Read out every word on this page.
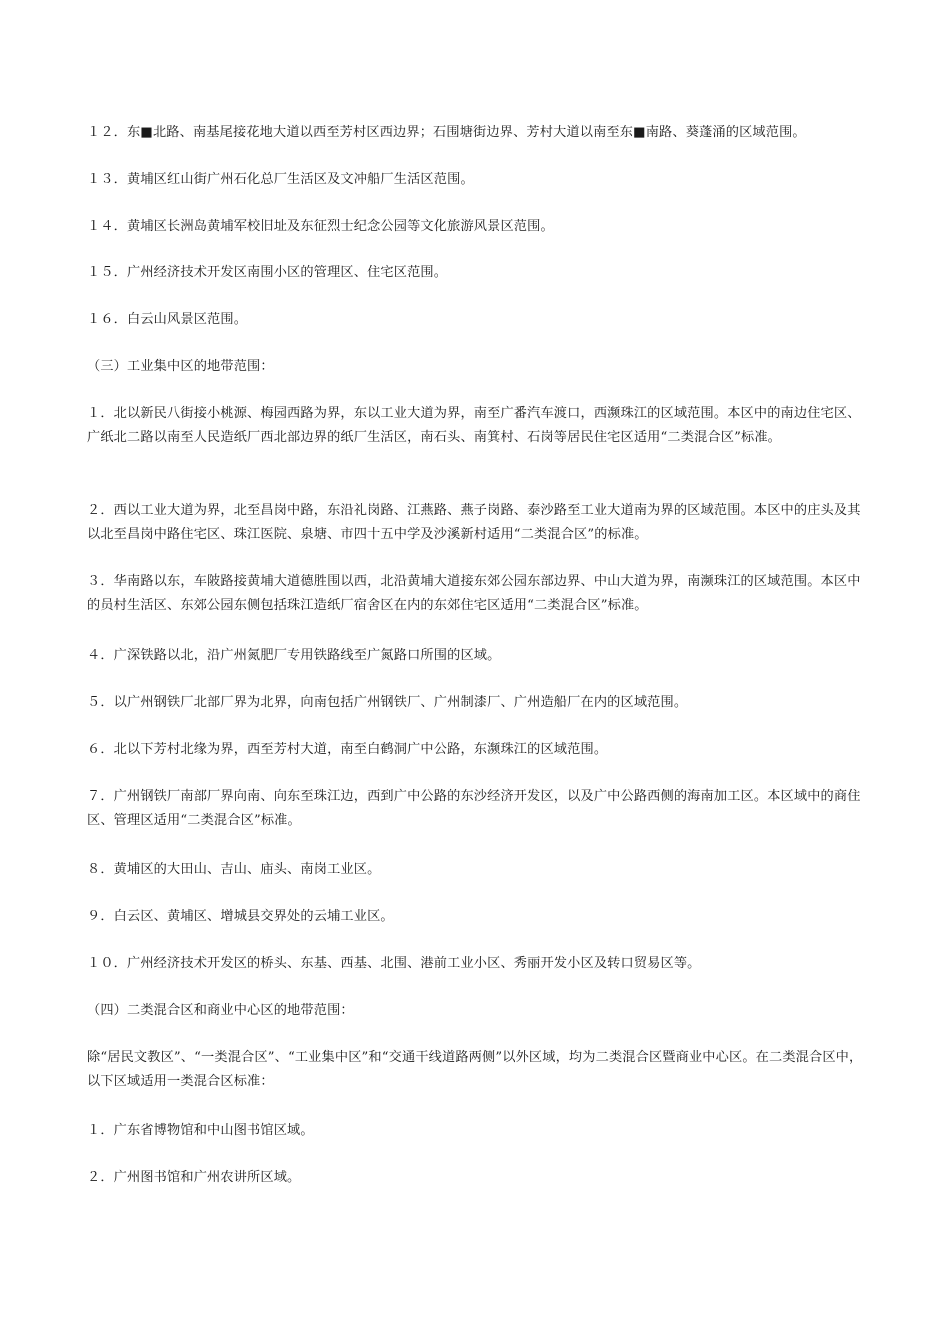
１２．东■北路、南基尾接花地大道以西至芳村区西边界；石围塘街边界、芳村大道以南至东■南路、葵蓬涌的区域范围。
１３．黄埔区红山街广州石化总厂生活区及文冲船厂生活区范围。
１４．黄埔区长洲岛黄埔军校旧址及东征烈士纪念公园等文化旅游风景区范围。
１５．广州经济技术开发区南围小区的管理区、住宅区范围。
１６．白云山风景区范围。
（三）工业集中区的地带范围：
１．北以新民八街接小桃源、梅园西路为界，东以工业大道为界，南至广番汽车渡口，西濒珠江的区域范围。本区中的南边住宅区、广纸北二路以南至人民造纸厂西北部边界的纸厂生活区，南石头、南箕村、石岗等居民住宅区适用“二类混合区”标准。
２．西以工业大道为界，北至昌岗中路，东沿礼岗路、江燕路、燕子岗路、泰沙路至工业大道南为界的区域范围。本区中的庄头及其以北至昌岗中路住宅区、珠江医院、泉塘、市四十五中学及沙溪新村适用“二类混合区”的标准。
３．华南路以东，车陂路接黄埔大道德胜围以西，北沿黄埔大道接东郊公园东部边界、中山大道为界，南濒珠江的区域范围。本区中的员村生活区、东郊公园东侧包括珠江造纸厂宿舍区在内的东郊住宅区适用“二类混合区”标准。
４．广深铁路以北，沿广州氮肥厂专用铁路线至广氮路口所围的区域。
５．以广州钢铁厂北部厂界为北界，向南包括广州钢铁厂、广州制漆厂、广州造船厂在内的区域范围。
６．北以下芳村北缘为界，西至芳村大道，南至白鹤洞广中公路，东濒珠江的区域范围。
７．广州钢铁厂南部厂界向南、向东至珠江边，西到广中公路的东沙经济开发区，以及广中公路西侧的海南加工区。本区域中的商住区、管理区适用“二类混合区”标准。
８．黄埔区的大田山、吉山、庙头、南岗工业区。
９．白云区、黄埔区、增城县交界处的云埔工业区。
１０．广州经济技术开发区的桥头、东基、西基、北围、港前工业小区、秀丽开发小区及转口贸易区等。
（四）二类混合区和商业中心区的地带范围：
除“居民文教区”、“一类混合区”、“工业集中区”和“交通干线道路两侧”以外区域，均为二类混合区暨商业中心区。在二类混合区中，以下区域适用一类混合区标准：
１．广东省博物馆和中山图书馆区域。
２．广州图书馆和广州农讲所区域。
